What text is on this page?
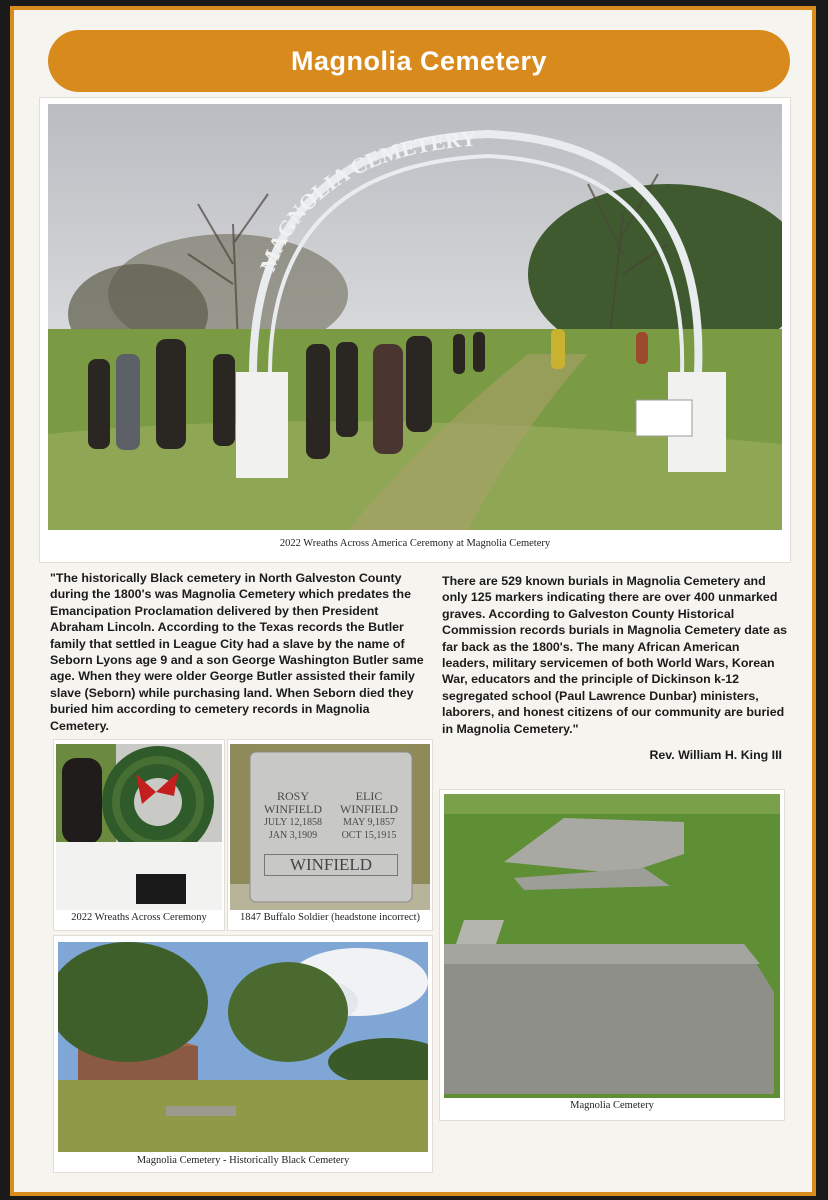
Magnolia Cemetery
MAGNOLIA CEMETERY
2022 Wreaths Across America Ceremony at Magnolia Cemetery

"The historically Black cemetery in North Galveston County during the 1800's was Magnolia Cemetery which predates the Emancipation Proclamation delivered by then President Abraham Lincoln. According to the Texas records the Butler family that settled in League City had a slave by the name of Seborn Lyons age 9 and a son George Washington Butler same age. When they were older George Butler assisted their family slave (Seborn) while purchasing land. When Seborn died they buried him according to cemetery records in Magnolia Cemetery.

There are 529 known burials in Magnolia Cemetery and only 125 markers indicating there are over 400 unmarked graves. According to Galveston County Historical Commission records burials in Magnolia Cemetery date as far back as the 1800's. The many African American leaders, military servicemen of both World Wars, Korean War, educators and the principle of Dickinson k-12 segregated school (Paul Lawrence Dunbar) ministers, laborers, and honest citizens of our community are buried in Magnolia Cemetery."

Rev. William H. King III
2022 Wreaths Across Ceremony
ROSY
WINFIELD
JULY 12,1858
JAN 3,1909
ELIC
WINFIELD
MAY 9,1857
OCT 15,1915
WINFIELD
1847 Buffalo Soldier (headstone incorrect)
Magnolia Cemetery - Historically Black Cemetery
Magnolia Cemetery
